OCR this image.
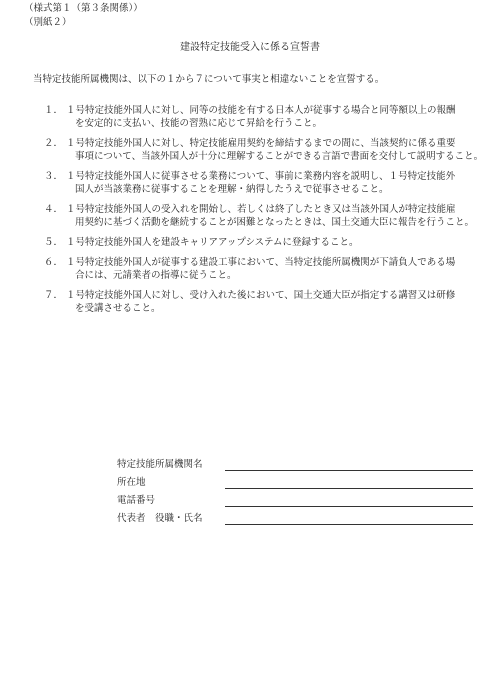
（様式第１（第３条関係））
（別紙２）
建設特定技能受入に係る宣誓書
当特定技能所属機関は、以下の１から７について事実と相違ないことを宣誓する。
１． １号特定技能外国人に対し、同等の技能を有する日本人が従事する場合と同等額以上の報酬
を安定的に支払い、技能の習熟に応じて昇給を行うこと。
２． １号特定技能外国人に対し、特定技能雇用契約を締結するまでの間に、当該契約に係る重要
事項について、当該外国人が十分に理解することができる言語で書面を交付して説明すること。
３． １号特定技能外国人に従事させる業務について、事前に業務内容を説明し、１号特定技能外
国人が当該業務に従事することを理解・納得したうえで従事させること。
４． １号特定技能外国人の受入れを開始し、若しくは終了したとき又は当該外国人が特定技能雇
用契約に基づく活動を継続することが困難となったときは、国土交通大臣に報告を行うこと。
５． １号特定技能外国人を建設キャリアアップシステムに登録すること。
６． １号特定技能外国人が従事する建設工事において、当特定技能所属機関が下請負人である場
合には、元請業者の指導に従うこと。
７． １号特定技能外国人に対し、受け入れた後において、国土交通大臣が指定する講習又は研修
を受講させること。
特定技能所属機関名
所在地
電話番号
代表者　役職・氏名
